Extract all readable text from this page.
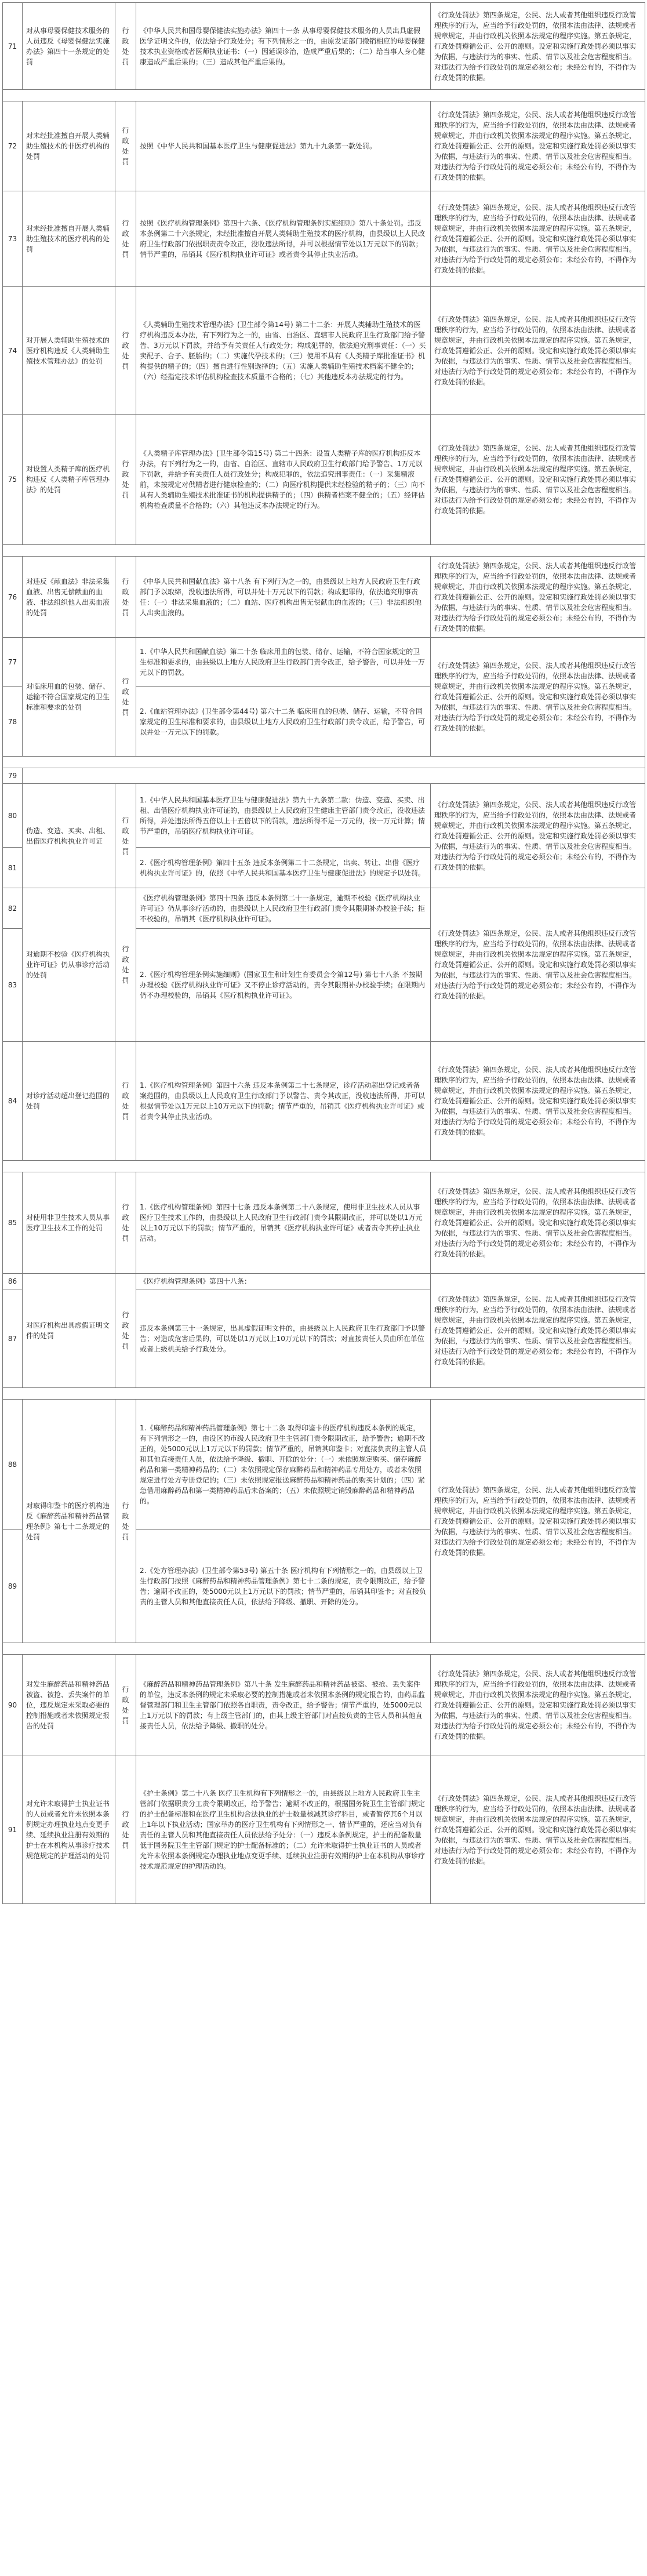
71	对从事母婴保健技术服务的人员违反《母婴保健法实施办法》第四十一条规定的处罚	行政处罚	《中华人民共和国母婴保健法实施办法》第四十一条 从事母婴保健技术服务的人员出具虚假医学证明文件的，依法给予行政处分；有下列情形之一的，由原发证部门撤销相应的母婴保健技术执业资格或者医师执业证书：（一）因延误诊治，造成严重后果的；（二）给当事人身心健康造成严重后果的；（三）造成其他严重后果的。	《行政处罚法》第四条规定，公民、法人或者其他组织违反行政管理秩序的行为，应当给予行政处罚的，依照本法由法律、法规或者规章规定，并由行政机关依照本法规定的程序实施。第五条规定，行政处罚遵循公正、公开的原则。设定和实施行政处罚必须以事实为依据，与违法行为的事实、性质、情节以及社会危害程度相当。对违法行为给予行政处罚的规定必须公布；未经公布的，不得作为行政处罚的依据。

72	对未经批准擅自开展人类辅助生殖技术的非医疗机构的处罚	行政处罚	按照《中华人民共和国基本医疗卫生与健康促进法》第九十九条第一款处罚。	《行政处罚法》第四条规定，公民、法人或者其他组织违反行政管理秩序的行为，应当给予行政处罚的，依照本法由法律、法规或者规章规定，并由行政机关依照本法规定的程序实施。第五条规定，行政处罚遵循公正、公开的原则。设定和实施行政处罚必须以事实为依据，与违法行为的事实、性质、情节以及社会危害程度相当。对违法行为给予行政处罚的规定必须公布；未经公布的，不得作为行政处罚的依据。
73	对未经批准擅自开展人类辅助生殖技术的医疗机构的处罚	行政处罚	按照《医疗机构管理条例》第四十六条、《医疗机构管理条例实施细则》第八十条处罚。违反本条例第二十六条规定，未经批准擅自开展人类辅助生殖技术的医疗机构，由县级以上人民政府卫生行政部门依据职责责令改正，没收违法所得，并可以根据情节处以1万元以下的罚款；情节严重的，吊销其《医疗机构执业许可证》或者责令其停止执业活动。	《行政处罚法》第四条规定，公民、法人或者其他组织违反行政管理秩序的行为，应当给予行政处罚的，依照本法由法律、法规或者规章规定，并由行政机关依照本法规定的程序实施。第五条规定，行政处罚遵循公正、公开的原则。设定和实施行政处罚必须以事实为依据，与违法行为的事实、性质、情节以及社会危害程度相当。对违法行为给予行政处罚的规定必须公布；未经公布的，不得作为行政处罚的依据。
74	对开展人类辅助生殖技术的医疗机构违反《人类辅助生殖技术管理办法》的处罚	行政处罚	《人类辅助生殖技术管理办法》(卫生部令第14号) 第二十二条：开展人类辅助生殖技术的医疗机构违反本办法，有下列行为之一的，由省、自治区、直辖市人民政府卫生行政部门给予警告、3万元以下罚款，并给予有关责任人行政处分；构成犯罪的，依法追究刑事责任：（一）买卖配子、合子、胚胎的；（二）实施代孕技术的；（三）使用不具有《人类精子库批准证书》机构提供的精子的；（四）擅自进行性别选择的；（五）实施人类辅助生殖技术档案不健全的；（六）经指定技术评估机构检查技术质量不合格的；（七）其他违反本办法规定的行为。	《行政处罚法》第四条规定，公民、法人或者其他组织违反行政管理秩序的行为，应当给予行政处罚的，依照本法由法律、法规或者规章规定，并由行政机关依照本法规定的程序实施。第五条规定，行政处罚遵循公正、公开的原则。设定和实施行政处罚必须以事实为依据，与违法行为的事实、性质、情节以及社会危害程度相当。对违法行为给予行政处罚的规定必须公布；未经公布的，不得作为行政处罚的依据。
75	对设置人类精子库的医疗机构违反《人类精子库管理办法》的处罚	行政处罚	《人类精子库管理办法》(卫生部令第15号) 第二十四条：设置人类精子库的医疗机构违反本办法，有下列行为之一的，由省、自治区、直辖市人民政府卫生行政部门给予警告、1万元以下罚款，并给予有关责任人员行政处分；构成犯罪的，依法追究刑事责任：（一）采集精液前，未按规定对供精者进行健康检查的；（二）向医疗机构提供未经检验的精子的；（三）向不具有人类辅助生殖技术批准证书的机构提供精子的；（四）供精者档案不健全的；（五）经评估机构检查质量不合格的；（六）其他违反本办法规定的行为。	《行政处罚法》第四条规定，公民、法人或者其他组织违反行政管理秩序的行为，应当给予行政处罚的，依照本法由法律、法规或者规章规定，并由行政机关依照本法规定的程序实施。第五条规定，行政处罚遵循公正、公开的原则。设定和实施行政处罚必须以事实为依据，与违法行为的事实、性质、情节以及社会危害程度相当。对违法行为给予行政处罚的规定必须公布；未经公布的，不得作为行政处罚的依据。

76	对违反《献血法》非法采集血液、出售无偿献血的血液、非法组织他人出卖血液的处罚	行政处罚	《中华人民共和国献血法》第十八条 有下列行为之一的，由县级以上地方人民政府卫生行政部门予以取缔，没收违法所得，可以并处十万元以下的罚款；构成犯罪的，依法追究刑事责任：（一）非法采集血液的；（二）血站、医疗机构出售无偿献血的血液的；（三）非法组织他人出卖血液的。	《行政处罚法》第四条规定，公民、法人或者其他组织违反行政管理秩序的行为，应当给予行政处罚的，依照本法由法律、法规或者规章规定，并由行政机关依照本法规定的程序实施。第五条规定，行政处罚遵循公正、公开的原则。设定和实施行政处罚必须以事实为依据，与违法行为的事实、性质、情节以及社会危害程度相当。对违法行为给予行政处罚的规定必须公布；未经公布的，不得作为行政处罚的依据。
77	对临床用血的包装、储存、运输不符合国家规定的卫生标准和要求的处罚	行政处罚	1.《中华人民共和国献血法》第二十条 临床用血的包装、储存、运输，不符合国家规定的卫生标准和要求的，由县级以上地方人民政府卫生行政部门责令改正，给予警告，可以并处一万元以下的罚款。	《行政处罚法》第四条规定，公民、法人或者其他组织违反行政管理秩序的行为，应当给予行政处罚的，依照本法由法律、法规或者规章规定，并由行政机关依照本法规定的程序实施。第五条规定，行政处罚遵循公正、公开的原则。设定和实施行政处罚必须以事实为依据，与违法行为的事实、性质、情节以及社会危害程度相当。对违法行为给予行政处罚的规定必须公布；未经公布的，不得作为行政处罚的依据。
78			2.《血站管理办法》(卫生部令第44号) 第六十二条 临床用血的包装、储存、运输，不符合国家规定的卫生标准和要求的，由县级以上地方人民政府卫生行政部门责令改正，给予警告，可以并处一万元以下的罚款。	

79				
80	伪造、变造、买卖、出租、出借医疗机构执业许可证	行政处罚	1.《中华人民共和国基本医疗卫生与健康促进法》第九十九条第二款：伪造、变造、买卖、出租、出借医疗机构执业许可证的，由县级以上人民政府卫生健康主管部门责令改正，没收违法所得，并处违法所得五倍以上十五倍以下的罚款，违法所得不足一万元的，按一万元计算；情节严重的，吊销医疗机构执业许可证。	《行政处罚法》第四条规定，公民、法人或者其他组织违反行政管理秩序的行为，应当给予行政处罚的，依照本法由法律、法规或者规章规定，并由行政机关依照本法规定的程序实施。第五条规定，行政处罚遵循公正、公开的原则。设定和实施行政处罚必须以事实为依据，与违法行为的事实、性质、情节以及社会危害程度相当。对违法行为给予行政处罚的规定必须公布；未经公布的，不得作为行政处罚的依据。
81			2.《医疗机构管理条例》第四十五条 违反本条例第二十二条规定，出卖、转让、出借《医疗机构执业许可证》的，依照《中华人民共和国基本医疗卫生与健康促进法》的规定予以处罚。	
82	对逾期不校验《医疗机构执业许可证》仍从事诊疗活动的处罚	行政处罚	《医疗机构管理条例》第四十四条 违反本条例第二十一条规定，逾期不校验《医疗机构执业许可证》仍从事诊疗活动的，由县级以上人民政府卫生行政部门责令其限期补办校验手续；拒不校验的，吊销其《医疗机构执业许可证》。	《行政处罚法》第四条规定，公民、法人或者其他组织违反行政管理秩序的行为，应当给予行政处罚的，依照本法由法律、法规或者规章规定，并由行政机关依照本法规定的程序实施。第五条规定，行政处罚遵循公正、公开的原则。设定和实施行政处罚必须以事实为依据，与违法行为的事实、性质、情节以及社会危害程度相当。对违法行为给予行政处罚的规定必须公布；未经公布的，不得作为行政处罚的依据。
83			2.《医疗机构管理条例实施细则》(国家卫生和计划生育委员会令第12号) 第七十八条 不按期办理校验《医疗机构执业许可证》又不停止诊疗活动的，责令其限期补办校验手续；在限期内仍不办理校验的，吊销其《医疗机构执业许可证》。	
84	对诊疗活动超出登记范围的处罚	行政处罚	1.《医疗机构管理条例》第四十六条 违反本条例第二十七条规定，诊疗活动超出登记或者备案范围的，由县级以上人民政府卫生行政部门予以警告、责令其改正，没收违法所得，并可以根据情节处以1万元以上10万元以下的罚款；情节严重的，吊销其《医疗机构执业许可证》或者责令其停止执业活动。	《行政处罚法》第四条规定，公民、法人或者其他组织违反行政管理秩序的行为，应当给予行政处罚的，依照本法由法律、法规或者规章规定，并由行政机关依照本法规定的程序实施。第五条规定，行政处罚遵循公正、公开的原则。设定和实施行政处罚必须以事实为依据，与违法行为的事实、性质、情节以及社会危害程度相当。对违法行为给予行政处罚的规定必须公布；未经公布的，不得作为行政处罚的依据。

85	对使用非卫生技术人员从事医疗卫生技术工作的处罚	行政处罚	1.《医疗机构管理条例》第四十七条 违反本条例第二十八条规定，使用非卫生技术人员从事医疗卫生技术工作的，由县级以上人民政府卫生行政部门责令其限期改正，并可以处以1万元以上10万元以下的罚款；情节严重的，吊销其《医疗机构执业许可证》或者责令其停止执业活动。	《行政处罚法》第四条规定，公民、法人或者其他组织违反行政管理秩序的行为，应当给予行政处罚的，依照本法由法律、法规或者规章规定，并由行政机关依照本法规定的程序实施。第五条规定，行政处罚遵循公正、公开的原则。设定和实施行政处罚必须以事实为依据，与违法行为的事实、性质、情节以及社会危害程度相当。对违法行为给予行政处罚的规定必须公布；未经公布的，不得作为行政处罚的依据。
86	对医疗机构出具虚假证明文件的处罚	行政处罚	《医疗机构管理条例》第四十八条：	《行政处罚法》第四条规定，公民、法人或者其他组织违反行政管理秩序的行为，应当给予行政处罚的，依照本法由法律、法规或者规章规定，并由行政机关依照本法规定的程序实施。第五条规定，行政处罚遵循公正、公开的原则。设定和实施行政处罚必须以事实为依据，与违法行为的事实、性质、情节以及社会危害程度相当。对违法行为给予行政处罚的规定必须公布；未经公布的，不得作为行政处罚的依据。
87			违反本条例第三十一条规定，出具虚假证明文件的，由县级以上人民政府卫生行政部门予以警告；对造成危害后果的，可以处以1万元以上10万元以下的罚款；对直接责任人员由所在单位或者上级机关给予行政处分。	

88	对取得印鉴卡的医疗机构违反《麻醉药品和精神药品管理条例》第七十二条规定的处罚	行政处罚	1.《麻醉药品和精神药品管理条例》第七十二条 取得印鉴卡的医疗机构违反本条例的规定，有下列情形之一的，由设区的市级人民政府卫生主管部门责令限期改正，给予警告；逾期不改正的，处5000元以上1万元以下的罚款；情节严重的，吊销其印鉴卡；对直接负责的主管人员和其他直接责任人员，依法给予降级、撤职、开除的处分：（一）未依照规定购买、储存麻醉药品和第一类精神药品的；（二）未依照规定保存麻醉药品和精神药品专用处方，或者未依照规定进行处方专册登记的；（三）未依照规定报送麻醉药品和精神药品的购买计划的；（四）紧急借用麻醉药品和第一类精神药品后未备案的；（五）未依照规定销毁麻醉药品和精神药品的。	《行政处罚法》第四条规定，公民、法人或者其他组织违反行政管理秩序的行为，应当给予行政处罚的，依照本法由法律、法规或者规章规定，并由行政机关依照本法规定的程序实施。第五条规定，行政处罚遵循公正、公开的原则。设定和实施行政处罚必须以事实为依据，与违法行为的事实、性质、情节以及社会危害程度相当。对违法行为给予行政处罚的规定必须公布；未经公布的，不得作为行政处罚的依据。
89			2.《处方管理办法》(卫生部令第53号) 第五十条 医疗机构有下列情形之一的，由县级以上卫生行政部门按照《麻醉药品和精神药品管理条例》第七十二条的规定，责令限期改正，给予警告；逾期不改正的，处5000元以上1万元以下的罚款；情节严重的，吊销其印鉴卡；对直接负责的主管人员和其他直接责任人员，依法给予降级、撤职、开除的处分。	

90	对发生麻醉药品和精神药品被盗、被抢、丢失案件的单位，违反规定未采取必要的控制措施或者未依照规定报告的处罚	行政处罚	《麻醉药品和精神药品管理条例》第八十条 发生麻醉药品和精神药品被盗、被抢、丢失案件的单位，违反本条例的规定未采取必要的控制措施或者未依照本条例的规定报告的，由药品监督管理部门和卫生主管部门依照各自职责，责令改正，给予警告；情节严重的，处5000元以上1万元以下的罚款；有上级主管部门的，由其上级主管部门对直接负责的主管人员和其他直接责任人员，依法给予降级、撤职的处分。	《行政处罚法》第四条规定，公民、法人或者其他组织违反行政管理秩序的行为，应当给予行政处罚的，依照本法由法律、法规或者规章规定，并由行政机关依照本法规定的程序实施。第五条规定，行政处罚遵循公正、公开的原则。设定和实施行政处罚必须以事实为依据，与违法行为的事实、性质、情节以及社会危害程度相当。对违法行为给予行政处罚的规定必须公布；未经公布的，不得作为行政处罚的依据。
91	对允许未取得护士执业证书的人员或者允许未依照本条例规定办理执业地点变更手续、延续执业注册有效期的护士在本机构从事诊疗技术规范规定的护理活动的处罚	行政处罚	《护士条例》第二十八条 医疗卫生机构有下列情形之一的，由县级以上地方人民政府卫生主管部门依据职责分工责令限期改正，给予警告；逾期不改正的，根据国务院卫生主管部门规定的护士配备标准和在医疗卫生机构合法执业的护士数量核减其诊疗科目，或者暂停其6个月以上1年以下执业活动；国家举办的医疗卫生机构有下列情形之一、情节严重的，还应当对负有责任的主管人员和其他直接责任人员依法给予处分：（一）违反本条例规定，护士的配备数量低于国务院卫生主管部门规定的护士配备标准的；（二）允许未取得护士执业证书的人员或者允许未依照本条例规定办理执业地点变更手续、延续执业注册有效期的护士在本机构从事诊疗技术规范规定的护理活动的。	《行政处罚法》第四条规定，公民、法人或者其他组织违反行政管理秩序的行为，应当给予行政处罚的，依照本法由法律、法规或者规章规定，并由行政机关依照本法规定的程序实施。第五条规定，行政处罚遵循公正、公开的原则。设定和实施行政处罚必须以事实为依据，与违法行为的事实、性质、情节以及社会危害程度相当。对违法行为给予行政处罚的规定必须公布；未经公布的，不得作为行政处罚的依据。
